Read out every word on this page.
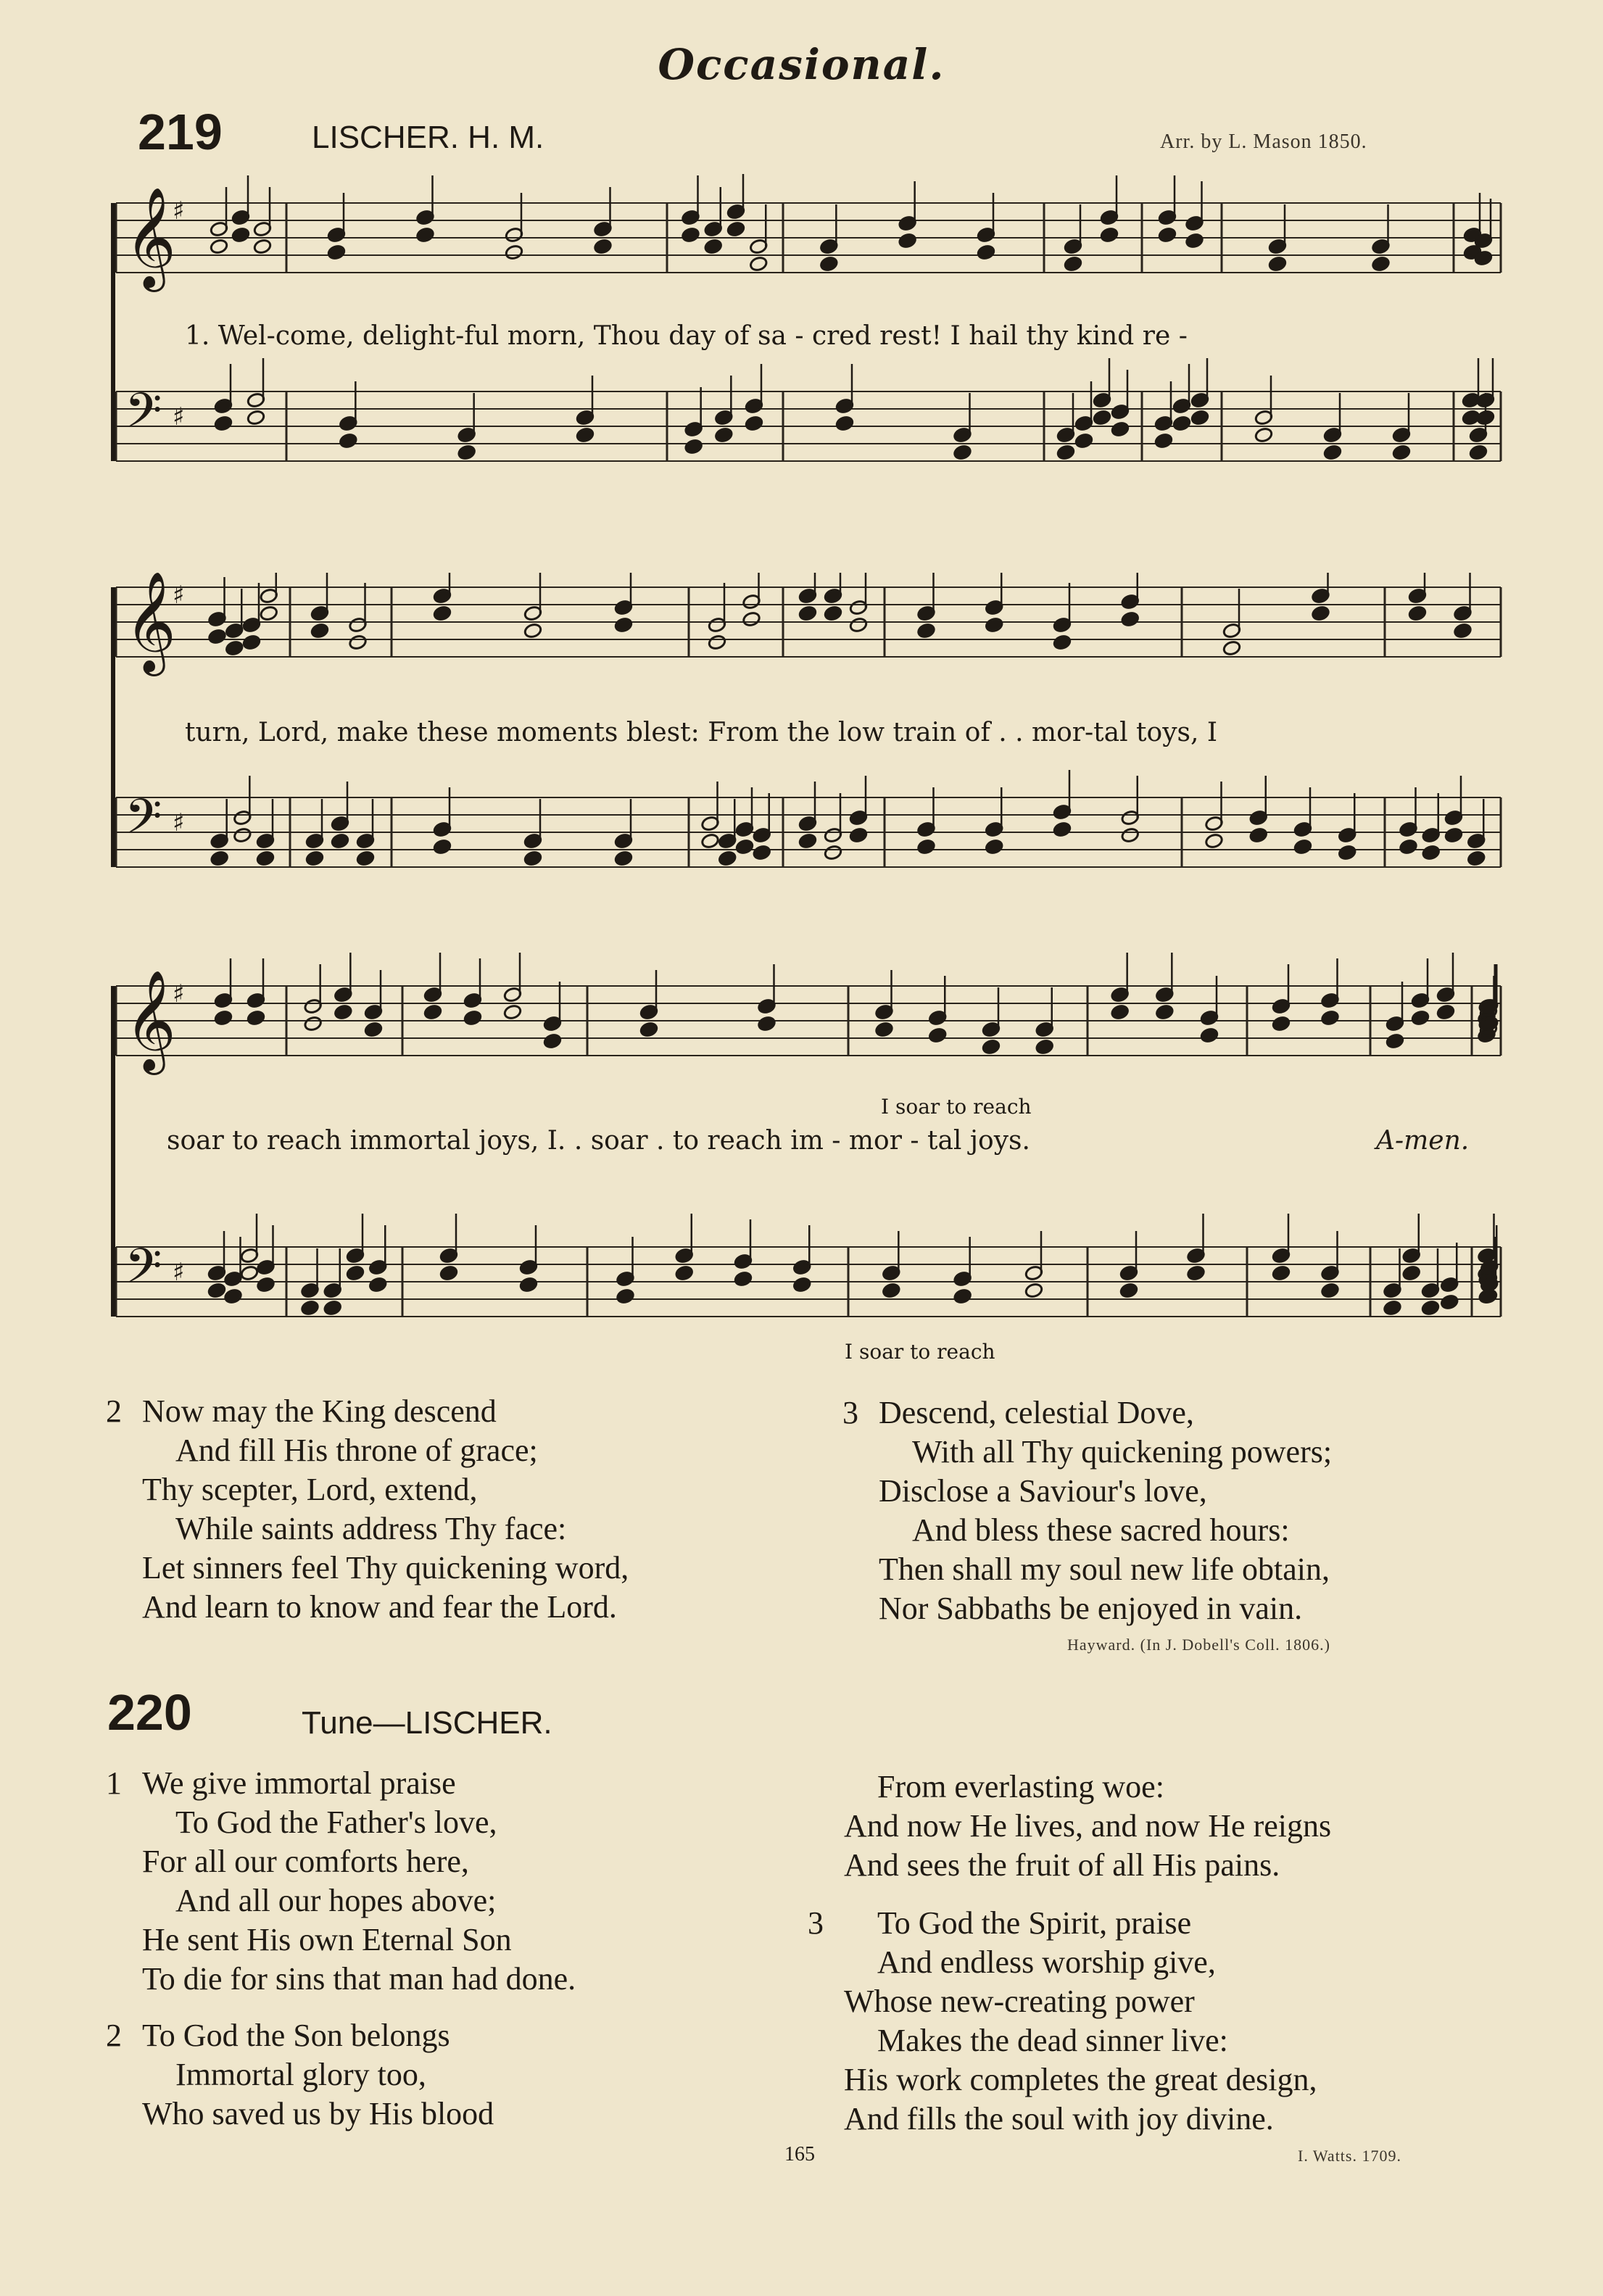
Occasional.
219	LISCHER. H. M.	Arr. by L. Mason 1850.
𝄞
♯
𝄢 ♯
1. Wel-come, delight-ful morn, Thou day of sa - cred rest! I hail thy kind re -
𝄞
♯
𝄢 ♯
turn, Lord, make these moments blest: From the low train of . . mor-tal toys, I
𝄞
♯
𝄢 ♯
I soar to reach
soar to reach immortal joys, I. . soar . to reach im - mor - tal joys.	A-men.
I soar to reach
2 Now may the King descend
And fill His throne of grace;
Thy scepter, Lord, extend,
While saints address Thy face:
Let sinners feel Thy quickening word,
And learn to know and fear the Lord.
3 Descend, celestial Dove,
With all Thy quickening powers;
Disclose a Saviour's love,
And bless these sacred hours:
Then shall my soul new life obtain,
Nor Sabbaths be enjoyed in vain.
Hayward. (In J. Dobell's Coll. 1806.)
220	Tune—LISCHER.
1 We give immortal praise
To God the Father's love,
For all our comforts here,
And all our hopes above;
He sent His own Eternal Son
To die for sins that man had done.
2 To God the Son belongs
Immortal glory too,
Who saved us by His blood
From everlasting woe:
And now He lives, and now He reigns
And sees the fruit of all His pains.
3	To God the Spirit, praise
And endless worship give,
Whose new-creating power
Makes the dead sinner live:
His work completes the great design,
And fills the soul with joy divine.
165	I. Watts. 1709.
